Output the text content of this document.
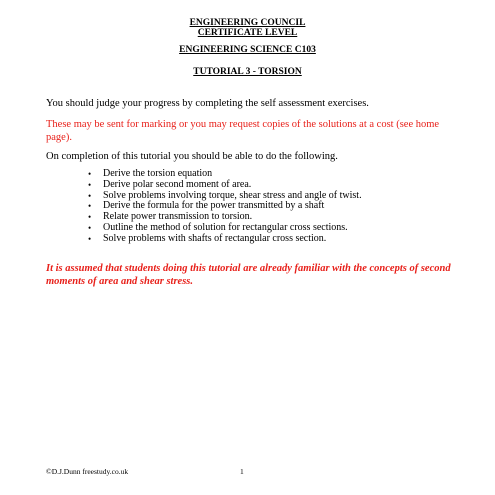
ENGINEERING COUNCIL
CERTIFICATE LEVEL
ENGINEERING SCIENCE C103
TUTORIAL 3 - TORSION
You should judge your progress by completing the self assessment exercises.
These may be sent for marking or you may request copies of the solutions at a cost (see home page).
On completion of this tutorial you should be able to do the following.
• Derive the torsion equation
• Derive polar second moment of area.
• Solve problems involving torque, shear stress and angle of twist.
• Derive the formula for the power transmitted by a shaft
• Relate power transmission to torsion.
• Outline the method of solution for rectangular cross sections.
• Solve problems with shafts of rectangular cross section.
It is assumed that students doing this tutorial are already familiar with the concepts of second moments of area and shear stress.
©D.J.Dunn freestudy.co.uk	1
